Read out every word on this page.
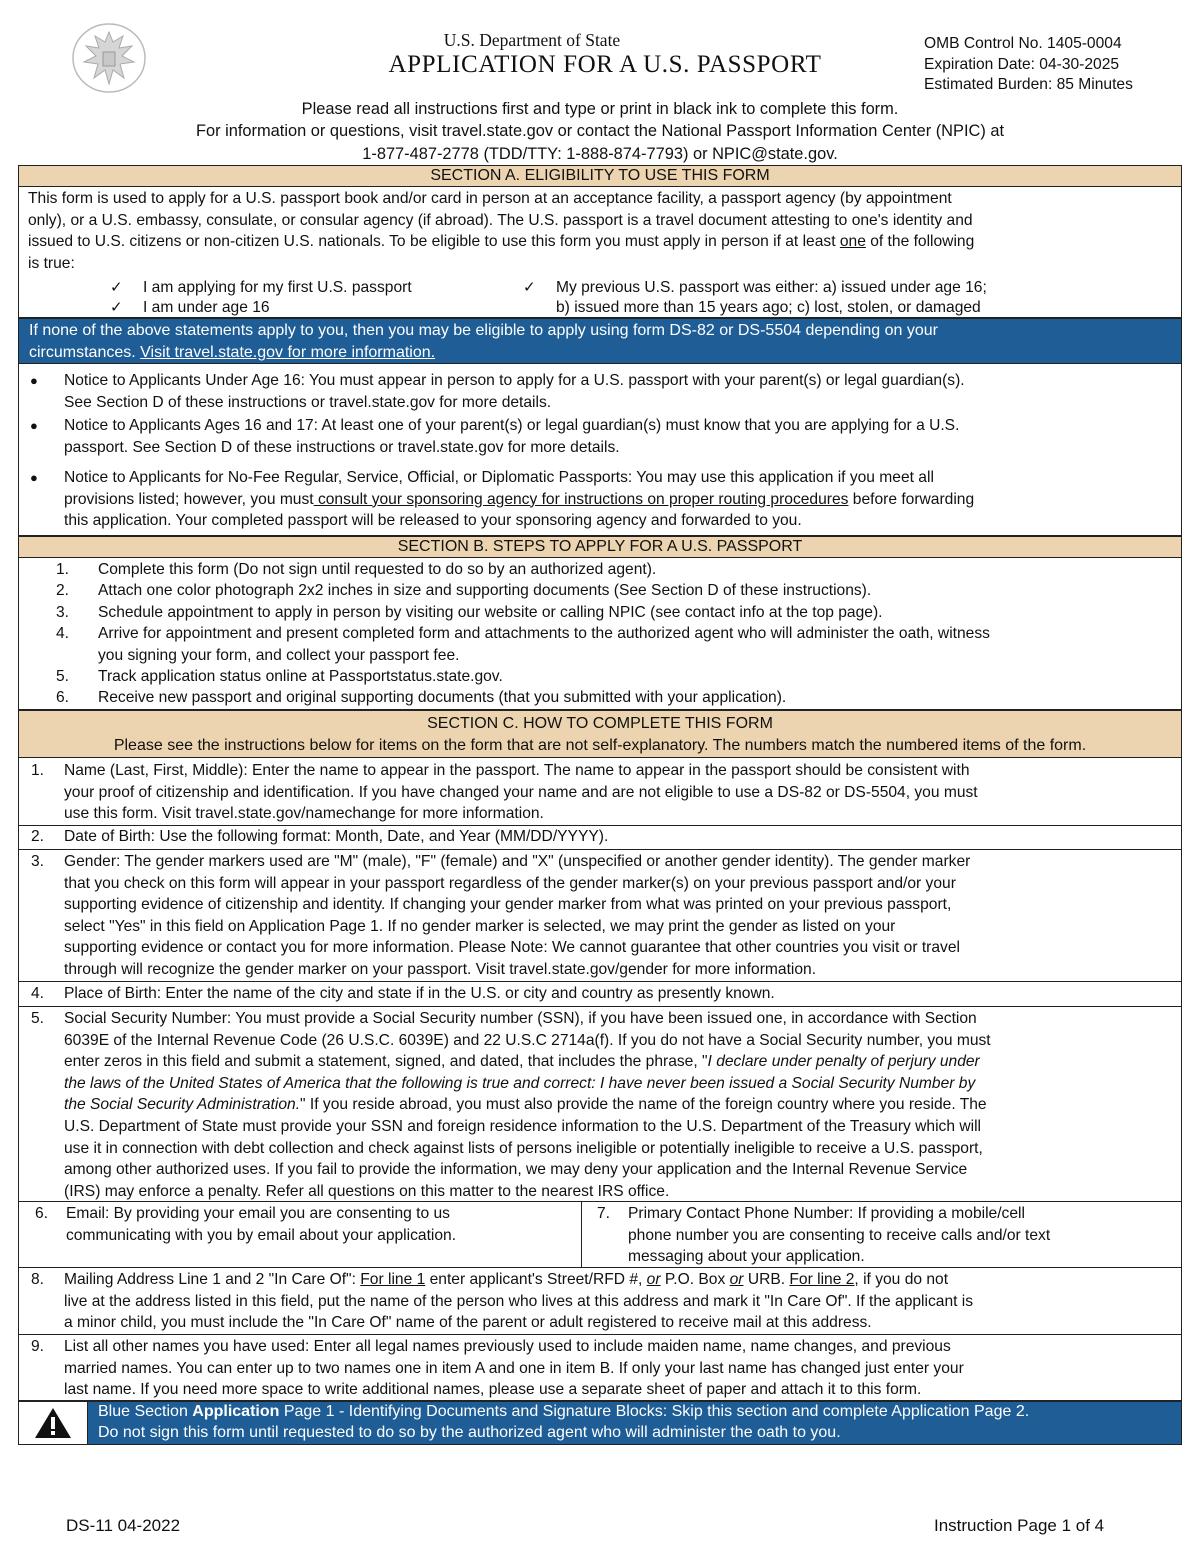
U.S. Department of State
APPLICATION FOR A U.S. PASSPORT
OMB Control No. 1405-0004
Expiration Date: 04-30-2025
Estimated Burden: 85 Minutes
Please read all instructions first and type or print in black ink to complete this form.
For information or questions, visit travel.state.gov or contact the National Passport Information Center (NPIC) at
1-877-487-2778 (TDD/TTY: 1-888-874-7793) or NPIC@state.gov.
SECTION A. ELIGIBILITY TO USE THIS FORM
This form is used to apply for a U.S. passport book and/or card in person at an acceptance facility, a passport agency (by appointment
only), or a U.S. embassy, consulate, or consular agency (if abroad). The U.S. passport is a travel document attesting to one's identity and
issued to U.S. citizens or non-citizen U.S. nationals. To be eligible to use this form you must apply in person if at least one of the following
is true:
✓ I am applying for my first U.S. passport
✓ I am under age 16
✓ My previous U.S. passport was either: a) issued under age 16;
b) issued more than 15 years ago; c) lost, stolen, or damaged
If none of the above statements apply to you, then you may be eligible to apply using form DS-82 or DS-5504 depending on your
circumstances. Visit travel.state.gov for more information.
● Notice to Applicants Under Age 16: You must appear in person to apply for a U.S. passport with your parent(s) or legal guardian(s).
See Section D of these instructions or travel.state.gov for more details.
● Notice to Applicants Ages 16 and 17: At least one of your parent(s) or legal guardian(s) must know that you are applying for a U.S.
passport. See Section D of these instructions or travel.state.gov for more details.
● Notice to Applicants for No-Fee Regular, Service, Official, or Diplomatic Passports: You may use this application if you meet all
provisions listed; however, you must consult your sponsoring agency for instructions on proper routing procedures before forwarding
this application. Your completed passport will be released to your sponsoring agency and forwarded to you.
SECTION B. STEPS TO APPLY FOR A U.S. PASSPORT
1. Complete this form (Do not sign until requested to do so by an authorized agent).
2. Attach one color photograph 2x2 inches in size and supporting documents (See Section D of these instructions).
3. Schedule appointment to apply in person by visiting our website or calling NPIC (see contact info at the top page).
4. Arrive for appointment and present completed form and attachments to the authorized agent who will administer the oath, witness
you signing your form, and collect your passport fee.
5. Track application status online at Passportstatus.state.gov.
6. Receive new passport and original supporting documents (that you submitted with your application).
SECTION C. HOW TO COMPLETE THIS FORM
Please see the instructions below for items on the form that are not self-explanatory. The numbers match the numbered items of the form.
1. Name (Last, First, Middle): Enter the name to appear in the passport. The name to appear in the passport should be consistent with
your proof of citizenship and identification. If you have changed your name and are not eligible to use a DS-82 or DS-5504, you must
use this form. Visit travel.state.gov/namechange for more information.
2. Date of Birth: Use the following format: Month, Date, and Year (MM/DD/YYYY).
3. Gender: The gender markers used are "M" (male), "F" (female) and "X" (unspecified or another gender identity). The gender marker
that you check on this form will appear in your passport regardless of the gender marker(s) on your previous passport and/or your
supporting evidence of citizenship and identity. If changing your gender marker from what was printed on your previous passport,
select "Yes" in this field on Application Page 1. If no gender marker is selected, we may print the gender as listed on your
supporting evidence or contact you for more information. Please Note: We cannot guarantee that other countries you visit or travel
through will recognize the gender marker on your passport. Visit travel.state.gov/gender for more information.
4. Place of Birth: Enter the name of the city and state if in the U.S. or city and country as presently known.
5. Social Security Number: You must provide a Social Security number (SSN), if you have been issued one, in accordance with Section
6039E of the Internal Revenue Code (26 U.S.C. 6039E) and 22 U.S.C 2714a(f). If you do not have a Social Security number, you must
enter zeros in this field and submit a statement, signed, and dated, that includes the phrase, "I declare under penalty of perjury under
the laws of the United States of America that the following is true and correct: I have never been issued a Social Security Number by
the Social Security Administration." If you reside abroad, you must also provide the name of the foreign country where you reside. The
U.S. Department of State must provide your SSN and foreign residence information to the U.S. Department of the Treasury which will
use it in connection with debt collection and check against lists of persons ineligible or potentially ineligible to receive a U.S. passport,
among other authorized uses. If you fail to provide the information, we may deny your application and the Internal Revenue Service
(IRS) may enforce a penalty. Refer all questions on this matter to the nearest IRS office.
6. Email: By providing your email you are consenting to us
communicating with you by email about your application.
7. Primary Contact Phone Number: If providing a mobile/cell
phone number you are consenting to receive calls and/or text
messaging about your application.
8. Mailing Address Line 1 and 2 "In Care Of": For line 1 enter applicant's Street/RFD #, or P.O. Box or URB. For line 2, if you do not
live at the address listed in this field, put the name of the person who lives at this address and mark it "In Care Of". If the applicant is
a minor child, you must include the "In Care Of" name of the parent or adult registered to receive mail at this address.
9. List all other names you have used: Enter all legal names previously used to include maiden name, name changes, and previous
married names. You can enter up to two names one in item A and one in item B. If only your last name has changed just enter your
last name. If you need more space to write additional names, please use a separate sheet of paper and attach it to this form.
Blue Section Application Page 1 - Identifying Documents and Signature Blocks: Skip this section and complete Application Page 2.
Do not sign this form until requested to do so by the authorized agent who will administer the oath to you.
DS-11 04-2022	Instruction Page 1 of 4
